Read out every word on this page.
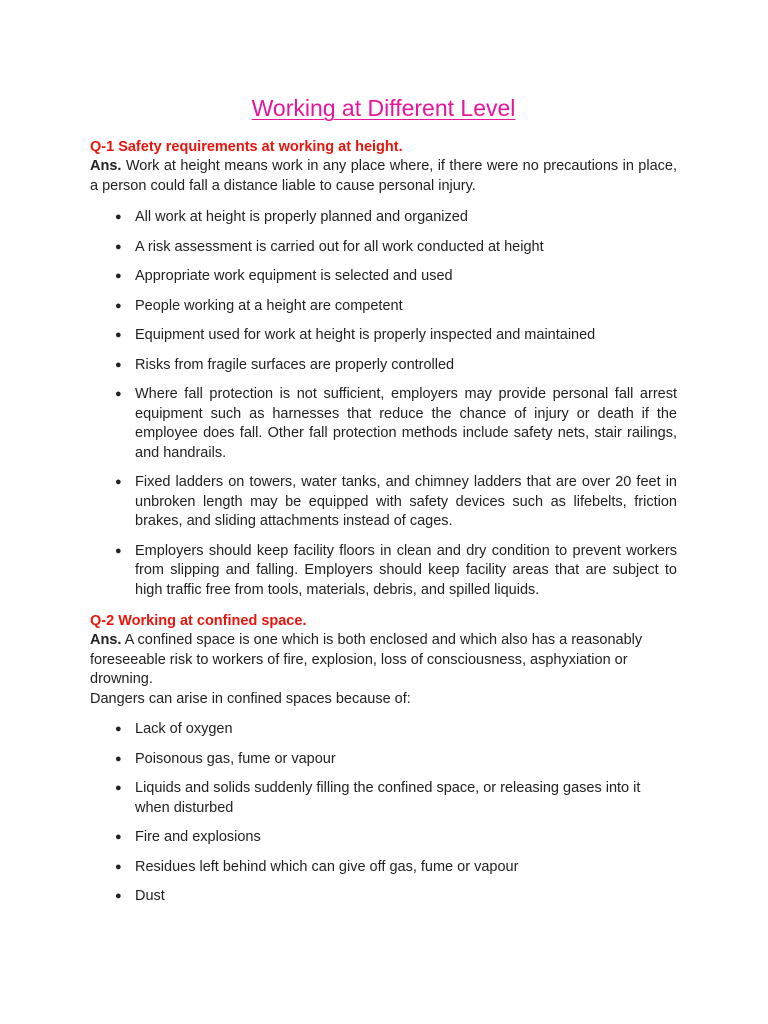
Working at Different Level
Q-1 Safety requirements at working at height.

Ans. Work at height means work in any place where, if there were no precautions in place, a person could fall a distance liable to cause personal injury.

● All work at height is properly planned and organized
● A risk assessment is carried out for all work conducted at height
● Appropriate work equipment is selected and used
● People working at a height are competent
● Equipment used for work at height is properly inspected and maintained
● Risks from fragile surfaces are properly controlled
● Where fall protection is not sufficient, employers may provide personal fall arrest equipment such as harnesses that reduce the chance of injury or death if the employee does fall. Other fall protection methods include safety nets, stair railings, and handrails.
● Fixed ladders on towers, water tanks, and chimney ladders that are over 20 feet in unbroken length may be equipped with safety devices such as lifebelts, friction brakes, and sliding attachments instead of cages.
● Employers should keep facility floors in clean and dry condition to prevent workers from slipping and falling. Employers should keep facility areas that are subject to high traffic free from tools, materials, debris, and spilled liquids.
Q-2 Working at confined space.

Ans. A confined space is one which is both enclosed and which also has a reasonably foreseeable risk to workers of fire, explosion, loss of consciousness, asphyxiation or drowning.

Dangers can arise in confined spaces because of:

● Lack of oxygen
● Poisonous gas, fume or vapour
● Liquids and solids suddenly filling the confined space, or releasing gases into it when disturbed
● Fire and explosions
● Residues left behind which can give off gas, fume or vapour
● Dust
